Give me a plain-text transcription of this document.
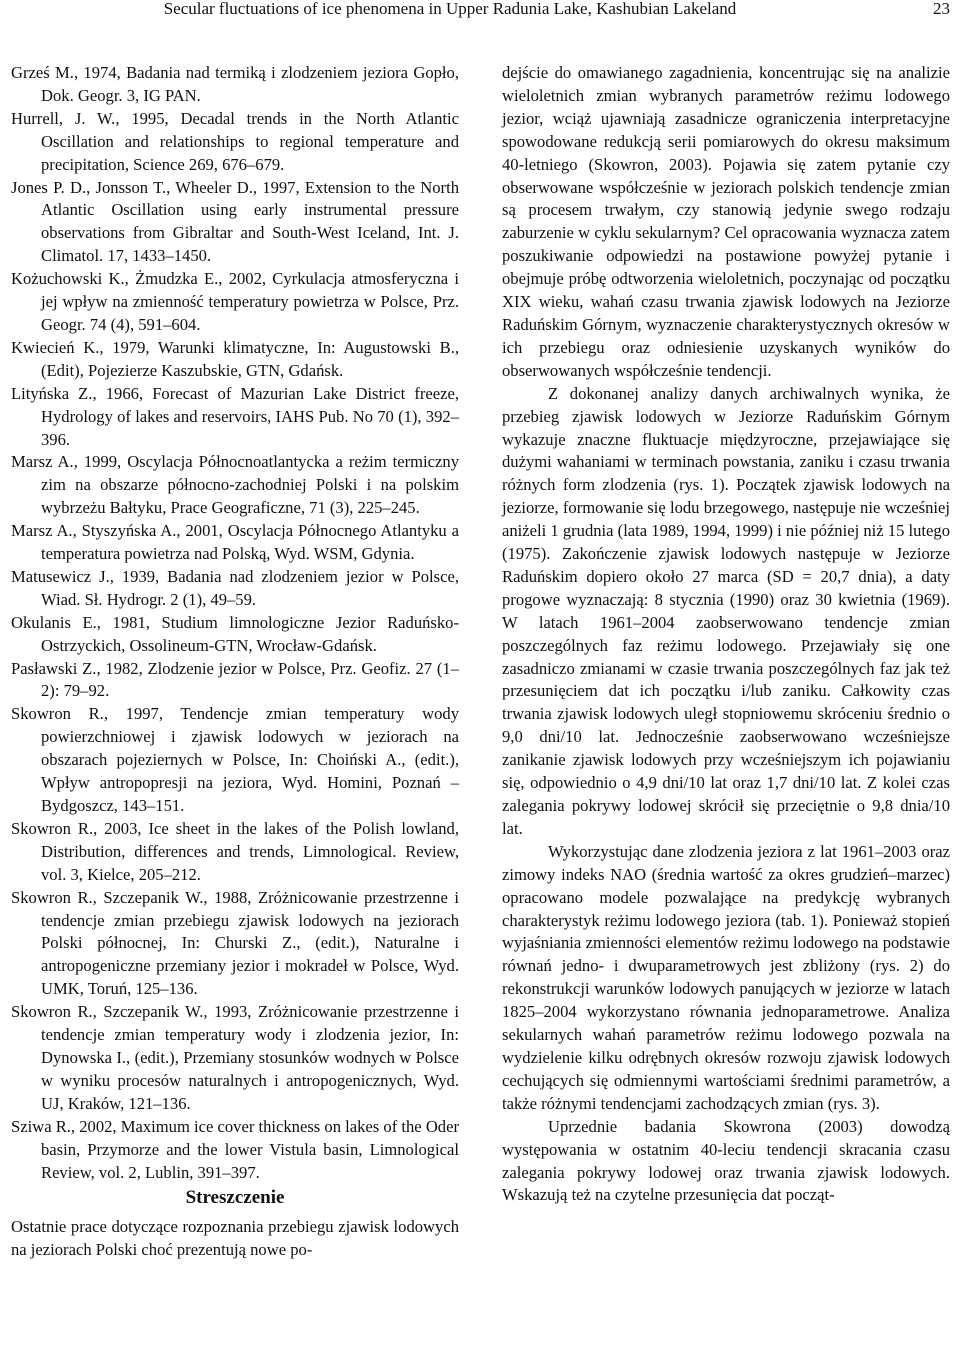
Secular fluctuations of ice phenomena in Upper Radunia Lake, Kashubian Lakeland	23

Grześ M., 1974, Badania nad termiką i zlodzeniem jeziora Gopło, Dok. Geogr. 3, IG PAN.

Hurrell, J. W., 1995, Decadal trends in the North Atlantic Oscillation and relationships to regional temperature and precipitation, Science 269, 676–679.

Jones P. D., Jonsson T., Wheeler D., 1997, Extension to the North Atlantic Oscillation using early instrumental pressure observations from Gibraltar and South-West Iceland, Int. J. Climatol. 17, 1433–1450.

Kożuchowski K., Żmudzka E., 2002, Cyrkulacja atmosferyczna i jej wpływ na zmienność temperatury powietrza w Polsce, Prz. Geogr. 74 (4), 591–604.

Kwiecień K., 1979, Warunki klimatyczne, In: Augustowski B., (Edit), Pojezierze Kaszubskie, GTN, Gdańsk.

Lityńska Z., 1966, Forecast of Mazurian Lake District freeze, Hydrology of lakes and reservoirs, IAHS Pub. No 70 (1), 392–396.

Marsz A., 1999, Oscylacja Północnoatlantycka a reżim termiczny zim na obszarze północno-zachodniej Polski i na polskim wybrzeżu Bałtyku, Prace Geograficzne, 71 (3), 225–245.

Marsz A., Styszyńska A., 2001, Oscylacja Północnego Atlantyku a temperatura powietrza nad Polską, Wyd. WSM, Gdynia.

Matusewicz J., 1939, Badania nad zlodzeniem jezior w Polsce, Wiad. Sł. Hydrogr. 2 (1), 49–59.

Okulanis E., 1981, Studium limnologiczne Jezior Raduńsko-Ostrzyckich, Ossolineum-GTN, Wrocław-Gdańsk.

Pasławski Z., 1982, Zlodzenie jezior w Polsce, Prz. Geofiz. 27 (1–2): 79–92.

Skowron R., 1997, Tendencje zmian temperatury wody powierzchniowej i zjawisk lodowych w jeziorach na obszarach pojeziernych w Polsce, In: Choiński A., (edit.), Wpływ antropopresji na jeziora, Wyd. Homini, Poznań – Bydgoszcz, 143–151.

Skowron R., 2003, Ice sheet in the lakes of the Polish lowland, Distribution, differences and trends, Limnological. Review, vol. 3, Kielce, 205–212.

Skowron R., Szczepanik W., 1988, Zróżnicowanie przestrzenne i tendencje zmian przebiegu zjawisk lodowych na jeziorach Polski północnej, In: Churski Z., (edit.), Naturalne i antropogeniczne przemiany jezior i mokradeł w Polsce, Wyd. UMK, Toruń, 125–136.

Skowron R., Szczepanik W., 1993, Zróżnicowanie przestrzenne i tendencje zmian temperatury wody i zlodzenia jezior, In: Dynowska I., (edit.), Przemiany stosunków wodnych w Polsce w wyniku procesów naturalnych i antropogenicznych, Wyd. UJ, Kraków, 121–136.

Sziwa R., 2002, Maximum ice cover thickness on lakes of the Oder basin, Przymorze and the lower Vistula basin, Limnological Review, vol. 2, Lublin, 391–397.

Streszczenie

Ostatnie prace dotyczące rozpoznania przebiegu zjawisk lodowych na jeziorach Polski choć prezentują nowe po-

dejście do omawianego zagadnienia, koncentrując się na analizie wieloletnich zmian wybranych parametrów reżimu lodowego jezior, wciąż ujawniają zasadnicze ograniczenia interpretacyjne spowodowane redukcją serii pomiarowych do okresu maksimum 40-letniego (Skowron, 2003). Pojawia się zatem pytanie czy obserwowane współcześnie w jeziorach polskich tendencje zmian są procesem trwałym, czy stanowią jedynie swego rodzaju zaburzenie w cyklu sekularnym? Cel opracowania wyznacza zatem poszukiwanie odpowiedzi na postawione powyżej pytanie i obejmuje próbę odtworzenia wieloletnich, poczynając od początku XIX wieku, wahań czasu trwania zjawisk lodowych na Jeziorze Raduńskim Górnym, wyznaczenie charakterystycznych okresów w ich przebiegu oraz odniesienie uzyskanych wyników do obserwowanych współcześnie tendencji.

Z dokonanej analizy danych archiwalnych wynika, że przebieg zjawisk lodowych w Jeziorze Raduńskim Górnym wykazuje znaczne fluktuacje międzyroczne, przejawiające się dużymi wahaniami w terminach powstania, zaniku i czasu trwania różnych form zlodzenia (rys. 1). Początek zjawisk lodowych na jeziorze, formowanie się lodu brzegowego, następuje nie wcześniej aniżeli 1 grudnia (lata 1989, 1994, 1999) i nie później niż 15 lutego (1975). Zakończenie zjawisk lodowych następuje w Jeziorze Raduńskim dopiero około 27 marca (SD = 20,7 dnia), a daty progowe wyznaczają: 8 stycznia (1990) oraz 30 kwietnia (1969). W latach 1961–2004 zaobserwowano tendencje zmian poszczególnych faz reżimu lodowego. Przejawiały się one zasadniczo zmianami w czasie trwania poszczególnych faz jak też przesunięciem dat ich początku i/lub zaniku. Całkowity czas trwania zjawisk lodowych uległ stopniowemu skróceniu średnio o 9,0 dni/10 lat. Jednocześnie zaobserwowano wcześniejsze zanikanie zjawisk lodowych przy wcześniejszym ich pojawianiu się, odpowiednio o 4,9 dni/10 lat oraz 1,7 dni/10 lat. Z kolei czas zalegania pokrywy lodowej skrócił się przeciętnie o 9,8 dnia/10 lat.

Wykorzystując dane zlodzenia jeziora z lat 1961–2003 oraz zimowy indeks NAO (średnia wartość za okres grudzień–marzec) opracowano modele pozwalające na predykcję wybranych charakterystyk reżimu lodowego jeziora (tab. 1). Ponieważ stopień wyjaśniania zmienności elementów reżimu lodowego na podstawie równań jedno- i dwuparametrowych jest zbliżony (rys. 2) do rekonstrukcji warunków lodowych panujących w jeziorze w latach 1825–2004 wykorzystano równania jednoparametrowe. Analiza sekularnych wahań parametrów reżimu lodowego pozwala na wydzielenie kilku odrębnych okresów rozwoju zjawisk lodowych cechujących się odmiennymi wartościami średnimi parametrów, a także różnymi tendencjami zachodzących zmian (rys. 3).

Uprzednie badania Skowrona (2003) dowodzą występowania w ostatnim 40-leciu tendencji skracania czasu zalegania pokrywy lodowej oraz trwania zjawisk lodowych. Wskazują też na czytelne przesunięcia dat począt-
